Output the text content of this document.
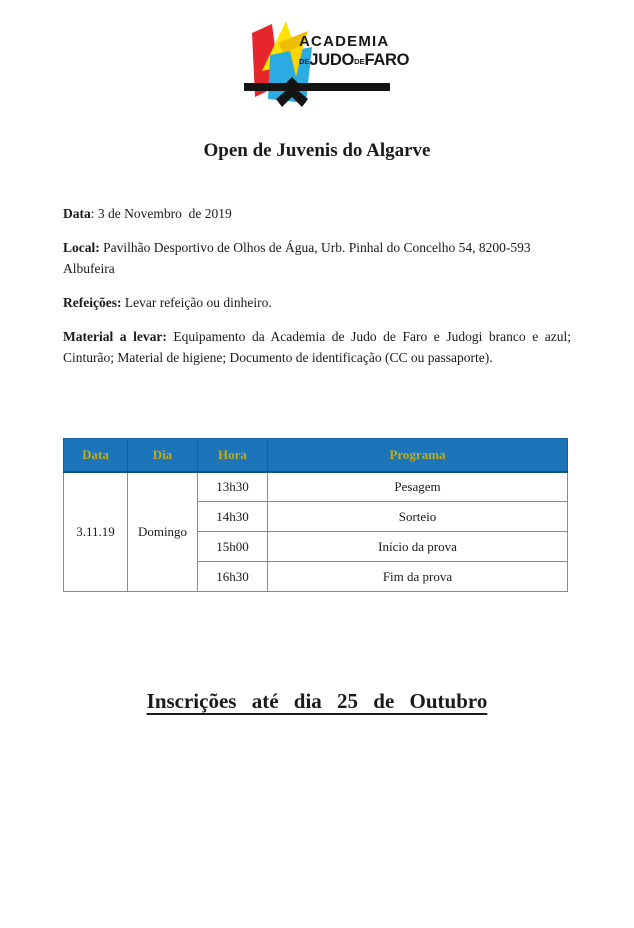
ACADEMIA
DEJUDODEFARO
Open de Juvenis do Algarve

Data: 3 de Novembro  de 2019

Local: Pavilhão Desportivo de Olhos de Água, Urb. Pinhal do Concelho 54, 8200-593 Albufeira

Refeições: Levar refeição ou dinheiro.

Material a levar: Equipamento da Academia de Judo de Faro e Judogi branco e azul; Cinturão; Material de higiene; Documento de identificação (CC ou passaporte).

Data	Dia	Hora	Programa
3.11.19	Domingo	13h30	Pesagem
		14h30	Sorteio
		15h00	Início da prova
		16h30	Fim da prova
Inscrições até dia 25 de Outubro
